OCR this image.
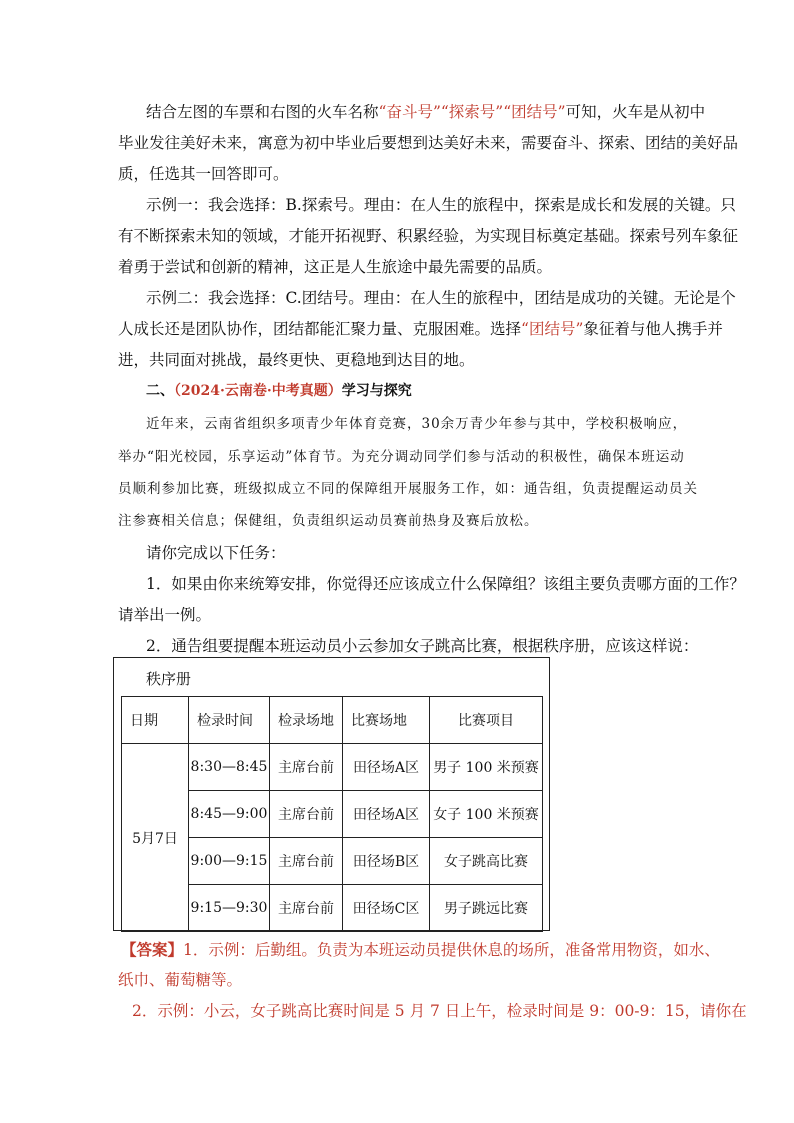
结合左图的车票和右图的火车名称“奋斗号”“探索号”“团结号”可知，火车是从初中
毕业发往美好未来，寓意为初中毕业后要想到达美好未来，需要奋斗、探索、团结的美好品
质，任选其一回答即可。
示例一：我会选择：B.探索号。理由：在人生的旅程中，探索是成长和发展的关键。只
有不断探索未知的领域，才能开拓视野、积累经验，为实现目标奠定基础。探索号列车象征
着勇于尝试和创新的精神，这正是人生旅途中最先需要的品质。
示例二：我会选择：C.团结号。理由：在人生的旅程中，团结是成功的关键。无论是个
人成长还是团队协作，团结都能汇聚力量、克服困难。选择“团结号”象征着与他人携手并
进，共同面对挑战，最终更快、更稳地到达目的地。
二、（2024·云南卷·中考真题）学习与探究
近年来，云南省组织多项青少年体育竞赛，30余万青少年参与其中，学校积极响应，
举办“阳光校园，乐享运动”体育节。为充分调动同学们参与活动的积极性，确保本班运动
员顺利参加比赛，班级拟成立不同的保障组开展服务工作，如：通告组，负责提醒运动员关
注参赛相关信息；保健组，负责组织运动员赛前热身及赛后放松。
请你完成以下任务：
1．如果由你来统筹安排，你觉得还应该成立什么保障组？该组主要负责哪方面的工作？
请举出一例。
2．通告组要提醒本班运动员小云参加女子跳高比赛，根据秩序册，应该这样说：
秩序册
日期	检录时间	检录场地	比赛场地	比赛项目
5月7日	8:30—8:45	主席台前	田径场A区	男子 100 米预赛
	8:45—9:00	主席台前	田径场A区	女子 100 米预赛
	9:00—9:15	主席台前	田径场B区	女子跳高比赛
	9:15—9:30	主席台前	田径场C区	男子跳远比赛
【答案】1．示例：后勤组。负责为本班运动员提供休息的场所，准备常用物资，如水、
纸巾、葡萄糖等。
2．示例：小云，女子跳高比赛时间是 5 月 7 日上午，检录时间是 9：00-9：15，请你在
